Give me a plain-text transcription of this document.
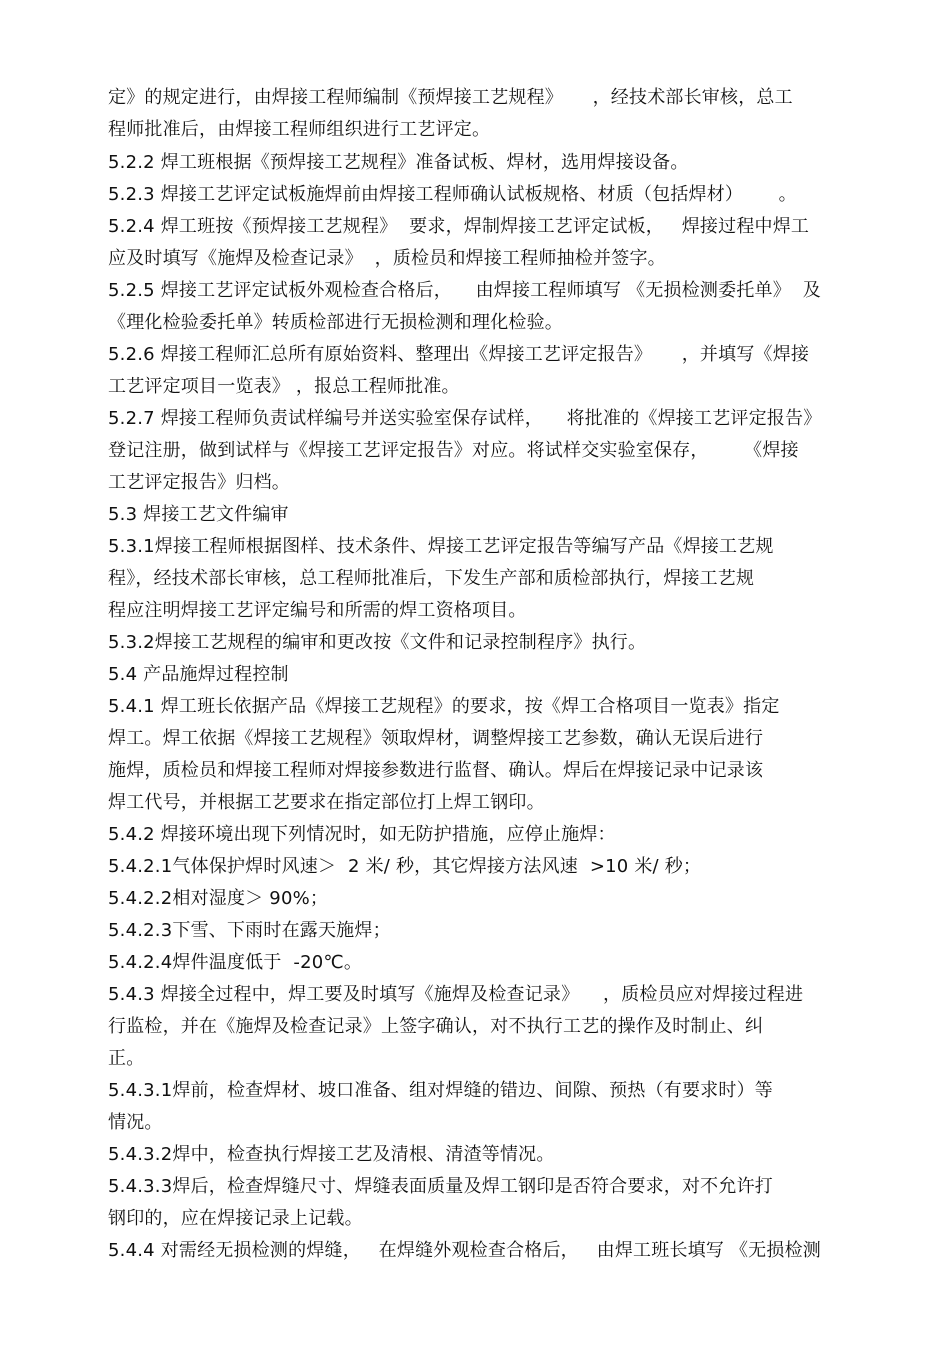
定》的规定进行，由焊接工程师编制《预焊接工艺规程》     ，经技术部长审核，总工

程师批准后，由焊接工程师组织进行工艺评定。

5.2.2 焊工班根据《预焊接工艺规程》准备试板、焊材，选用焊接设备。

5.2.3 焊接工艺评定试板施焊前由焊接工程师确认试板规格、材质（包括焊材）      。

5.2.4 焊工班按《预焊接工艺规程》  要求，焊制焊接工艺评定试板，   焊接过程中焊工

应及时填写《施焊及检查记录》  ，质检员和焊接工程师抽检并签字。

5.2.5 焊接工艺评定试板外观检查合格后，    由焊接工程师填写 《无损检测委托单》  及

《理化检验委托单》转质检部进行无损检测和理化检验。

5.2.6 焊接工程师汇总所有原始资料、整理出《焊接工艺评定报告》     ，并填写《焊接

工艺评定项目一览表》 ，报总工程师批准。

5.2.7 焊接工程师负责试样编号并送实验室保存试样，    将批准的《焊接工艺评定报告》

登记注册，做到试样与《焊接工艺评定报告》对应。将试样交实验室保存，      《焊接

工艺评定报告》归档。

5.3 焊接工艺文件编审

5.3.1焊接工程师根据图样、技术条件、焊接工艺评定报告等编写产品《焊接工艺规

程》，经技术部长审核，总工程师批准后，下发生产部和质检部执行，焊接工艺规

程应注明焊接工艺评定编号和所需的焊工资格项目。

5.3.2焊接工艺规程的编审和更改按《文件和记录控制程序》执行。

5.4 产品施焊过程控制

5.4.1 焊工班长依据产品《焊接工艺规程》的要求，按《焊工合格项目一览表》指定

焊工。焊工依据《焊接工艺规程》领取焊材，调整焊接工艺参数，确认无误后进行

施焊，质检员和焊接工程师对焊接参数进行监督、确认。焊后在焊接记录中记录该

焊工代号，并根据工艺要求在指定部位打上焊工钢印。

5.4.2 焊接环境出现下列情况时，如无防护措施，应停止施焊：

5.4.2.1气体保护焊时风速＞  2 米/ 秒，其它焊接方法风速  >10 米/ 秒；

5.4.2.2相对湿度＞ 90%；

5.4.2.3下雪、下雨时在露天施焊；

5.4.2.4焊件温度低于  -20℃。

5.4.3 焊接全过程中，焊工要及时填写《施焊及检查记录》    ，质检员应对焊接过程进

行监检，并在《施焊及检查记录》上签字确认，对不执行工艺的操作及时制止、纠

正。

5.4.3.1焊前，检查焊材、坡口准备、组对焊缝的错边、间隙、预热（有要求时）等

情况。

5.4.3.2焊中，检查执行焊接工艺及清根、清渣等情况。

5.4.3.3焊后，检查焊缝尺寸、焊缝表面质量及焊工钢印是否符合要求，对不允许打

钢印的，应在焊接记录上记载。

5.4.4 对需经无损检测的焊缝，   在焊缝外观检查合格后，   由焊工班长填写 《无损检测
